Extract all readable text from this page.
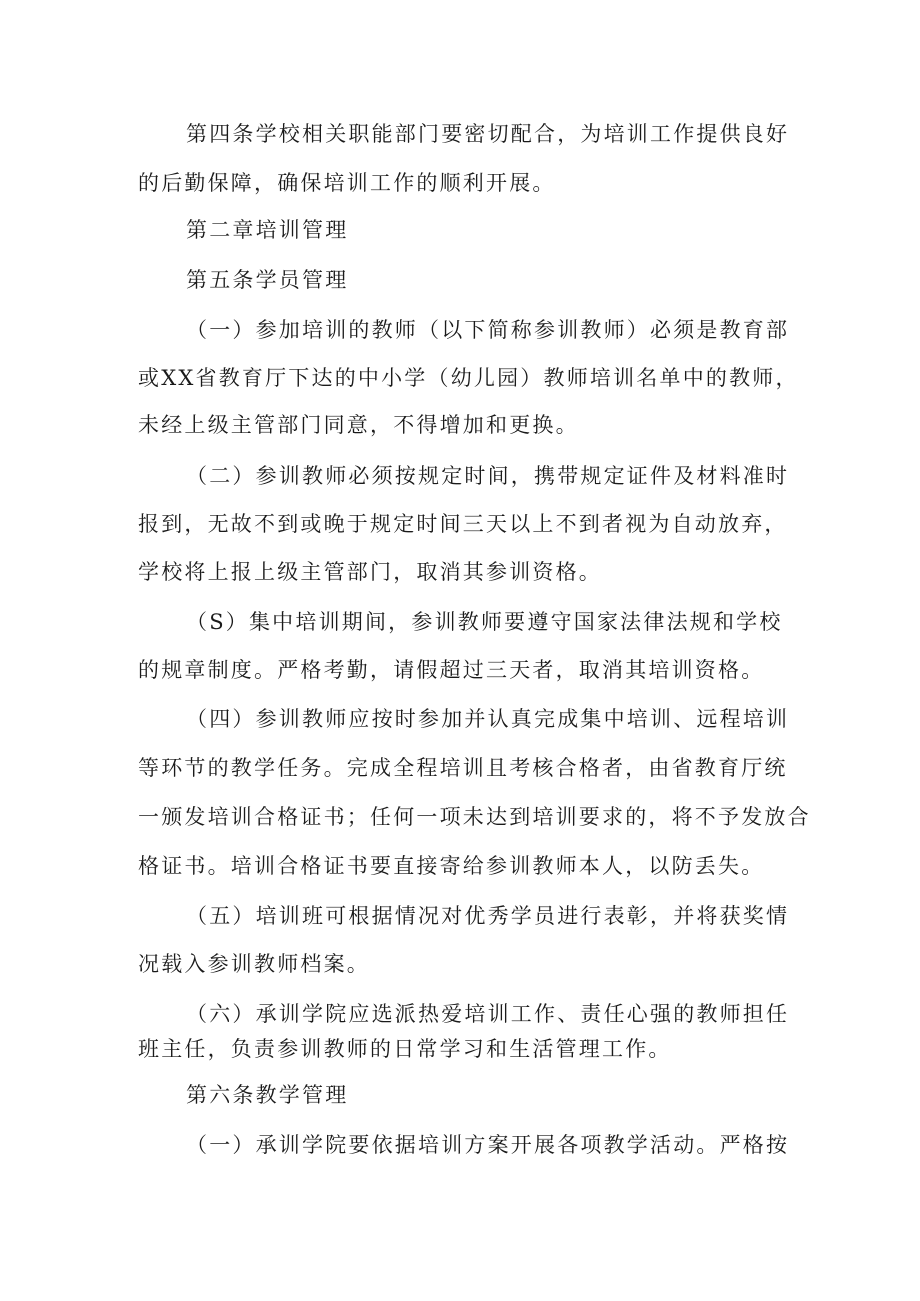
第四条学校相关职能部门要密切配合，为培训工作提供良好
的后勤保障，确保培训工作的顺利开展。
第二章培训管理
第五条学员管理
（一）参加培训的教师（以下简称参训教师）必须是教育部
或XX省教育厅下达的中小学（幼儿园）教师培训名单中的教师，
未经上级主管部门同意，不得增加和更换。
（二）参训教师必须按规定时间，携带规定证件及材料准时
报到，无故不到或晚于规定时间三天以上不到者视为自动放弃，
学校将上报上级主管部门，取消其参训资格。
（S）集中培训期间，参训教师要遵守国家法律法规和学校
的规章制度。严格考勤，请假超过三天者，取消其培训资格。
（四）参训教师应按时参加并认真完成集中培训、远程培训
等环节的教学任务。完成全程培训且考核合格者，由省教育厅统
一颁发培训合格证书；任何一项未达到培训要求的，将不予发放合
格证书。培训合格证书要直接寄给参训教师本人，以防丢失。
（五）培训班可根据情况对优秀学员进行表彰，并将获奖情
况载入参训教师档案。
（六）承训学院应选派热爱培训工作、责任心强的教师担任
班主任，负责参训教师的日常学习和生活管理工作。
第六条教学管理
（一）承训学院要依据培训方案开展各项教学活动。严格按
